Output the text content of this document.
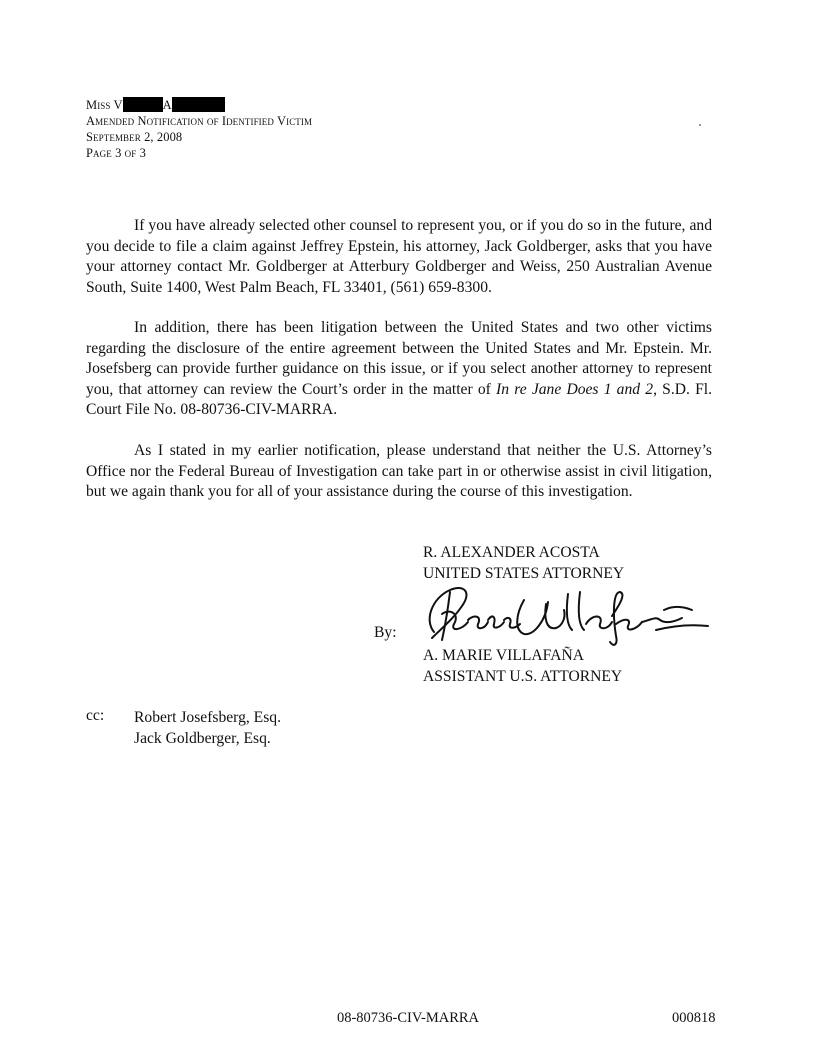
Miss V	A
Amended Notification of Identified Victim
September 2, 2008
Page 3 of 3

If you have already selected other counsel to represent you, or if you do so in the future, and you decide to file a claim against Jeffrey Epstein, his attorney, Jack Goldberger, asks that you have your attorney contact Mr. Goldberger at Atterbury Goldberger and Weiss, 250 Australian Avenue South, Suite 1400, West Palm Beach, FL 33401, (561) 659-8300.

In addition, there has been litigation between the United States and two other victims regarding the disclosure of the entire agreement between the United States and Mr. Epstein. Mr. Josefsberg can provide further guidance on this issue, or if you select another attorney to represent you, that attorney can review the Court’s order in the matter of In re Jane Does 1 and 2, S.D. Fl. Court File No. 08-80736-CIV-MARRA.

As I stated in my earlier notification, please understand that neither the U.S. Attorney’s Office nor the Federal Bureau of Investigation can take part in or otherwise assist in civil litigation, but we again thank you for all of your assistance during the course of this investigation.

R. ALEXANDER ACOSTA
UNITED STATES ATTORNEY
By:
A. MARIE VILLAFAÑA
ASSISTANT U.S. ATTORNEY
cc: Robert Josefsberg, Esq.
Jack Goldberger, Esq.
08-80736-CIV-MARRA	000818
